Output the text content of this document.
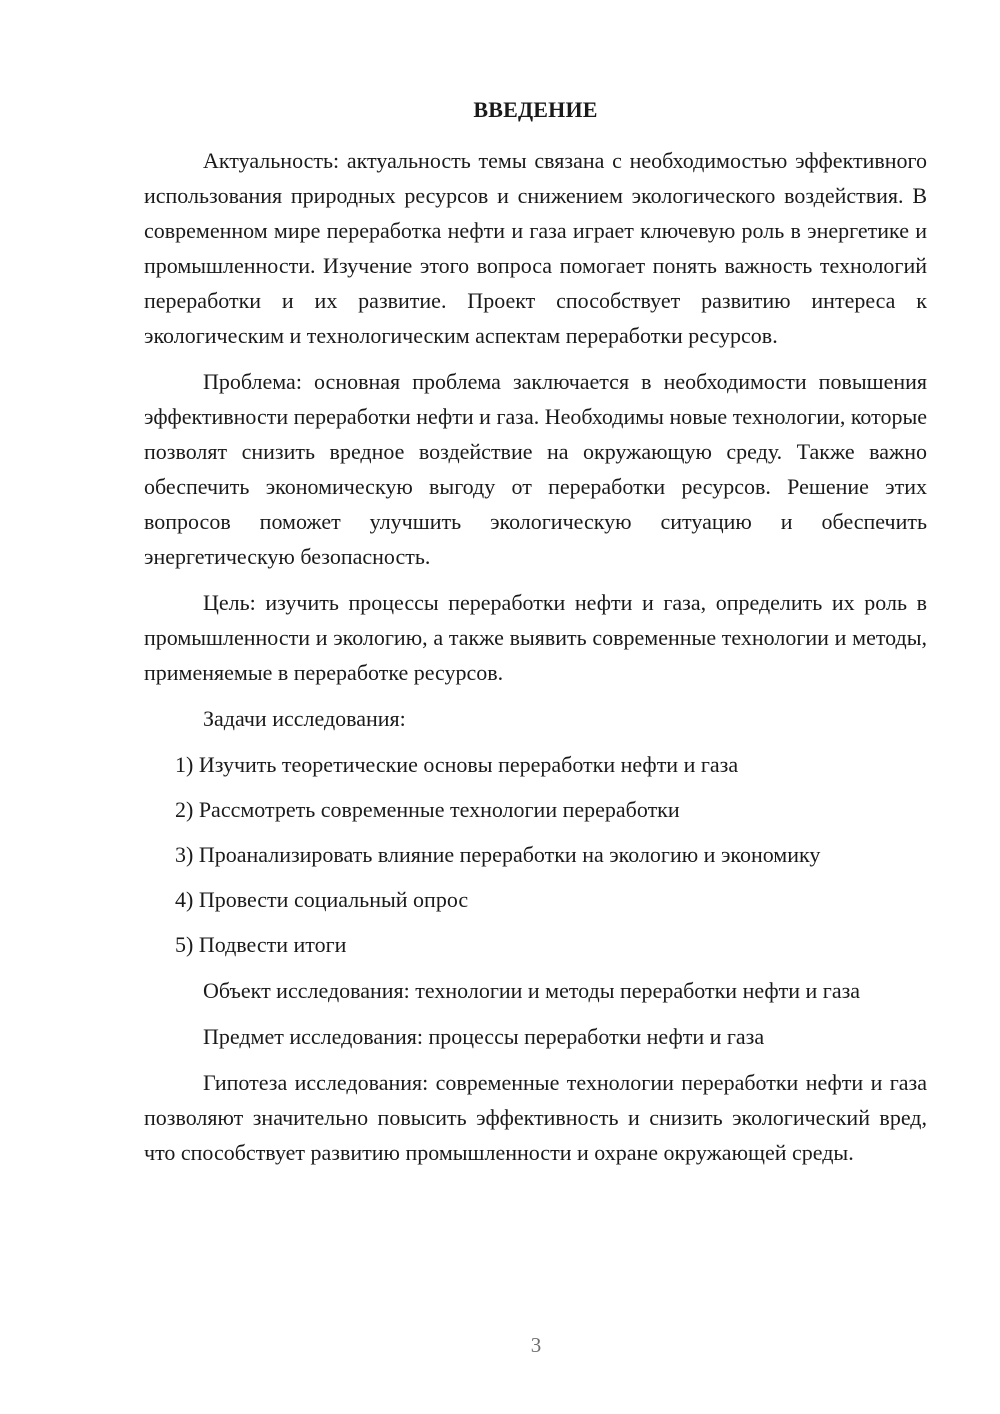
ВВЕДЕНИЕ

Актуальность: актуальность темы связана с необходимостью эффективного использования природных ресурсов и снижением экологического воздействия. В современном мире переработка нефти и газа играет ключевую роль в энергетике и промышленности. Изучение этого вопроса помогает понять важность технологий переработки и их развитие. Проект способствует развитию интереса к экологическим и технологическим аспектам переработки ресурсов.

Проблема: основная проблема заключается в необходимости повышения эффективности переработки нефти и газа. Необходимы новые технологии, которые позволят снизить вредное воздействие на окружающую среду. Также важно обеспечить экономическую выгоду от переработки ресурсов. Решение этих вопросов поможет улучшить экологическую ситуацию и обеспечить энергетическую безопасность.

Цель: изучить процессы переработки нефти и газа, определить их роль в промышленности и экологию, а также выявить современные технологии и методы, применяемые в переработке ресурсов.

Задачи исследования:

1) Изучить теоретические основы переработки нефти и газа
2) Рассмотреть современные технологии переработки
3) Проанализировать влияние переработки на экологию и экономику
4) Провести социальный опрос
5) Подвести итоги

Объект исследования: технологии и методы переработки нефти и газа

Предмет исследования: процессы переработки нефти и газа

Гипотеза исследования: современные технологии переработки нефти и газа позволяют значительно повысить эффективность и снизить экологический вред, что способствует развитию промышленности и охране окружающей среды.

3
